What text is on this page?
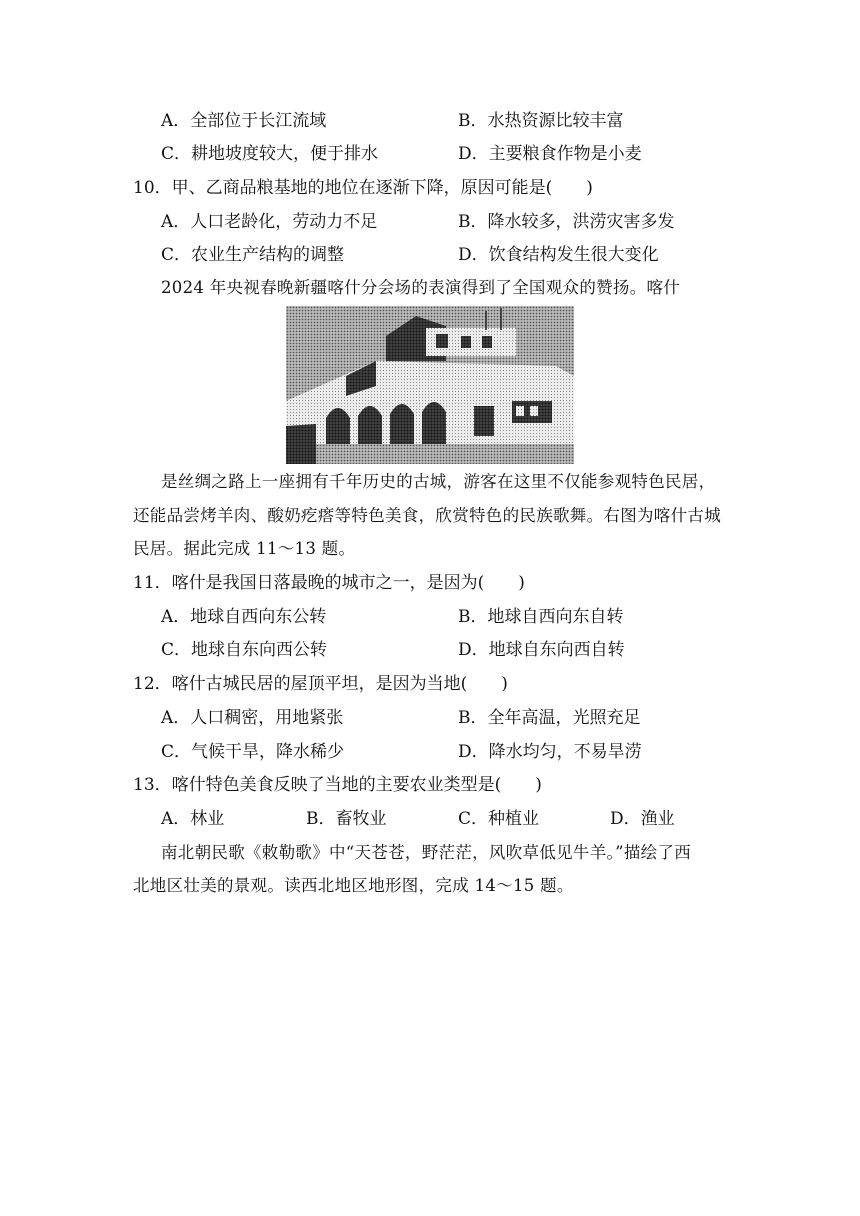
A．全部位于长江流域	B．水热资源比较丰富
C．耕地坡度较大，便于排水	D．主要粮食作物是小麦
10．甲、乙商品粮基地的地位在逐渐下降，原因可能是(　　)
A．人口老龄化，劳动力不足	B．降水较多，洪涝灾害多发
C．农业生产结构的调整	D．饮食结构发生很大变化
2024 年央视春晚新疆喀什分会场的表演得到了全国观众的赞扬。喀什
是丝绸之路上一座拥有千年历史的古城，游客在这里不仅能参观特色民居，
还能品尝烤羊肉、酸奶疙瘩等特色美食，欣赏特色的民族歌舞。右图为喀什古城
民居。据此完成 11～13 题。
11．喀什是我国日落最晚的城市之一，是因为(　　)
A．地球自西向东公转	B．地球自西向东自转
C．地球自东向西公转	D．地球自东向西自转
12．喀什古城民居的屋顶平坦，是因为当地(　　)
A．人口稠密，用地紧张	B．全年高温，光照充足
C．气候干旱，降水稀少	D．降水均匀，不易旱涝
13．喀什特色美食反映了当地的主要农业类型是(　　)
A．林业	B．畜牧业	C．种植业	D．渔业
南北朝民歌《敕勒歌》中“天苍苍，野茫茫，风吹草低见牛羊。”描绘了西
北地区壮美的景观。读西北地区地形图，完成 14～15 题。
